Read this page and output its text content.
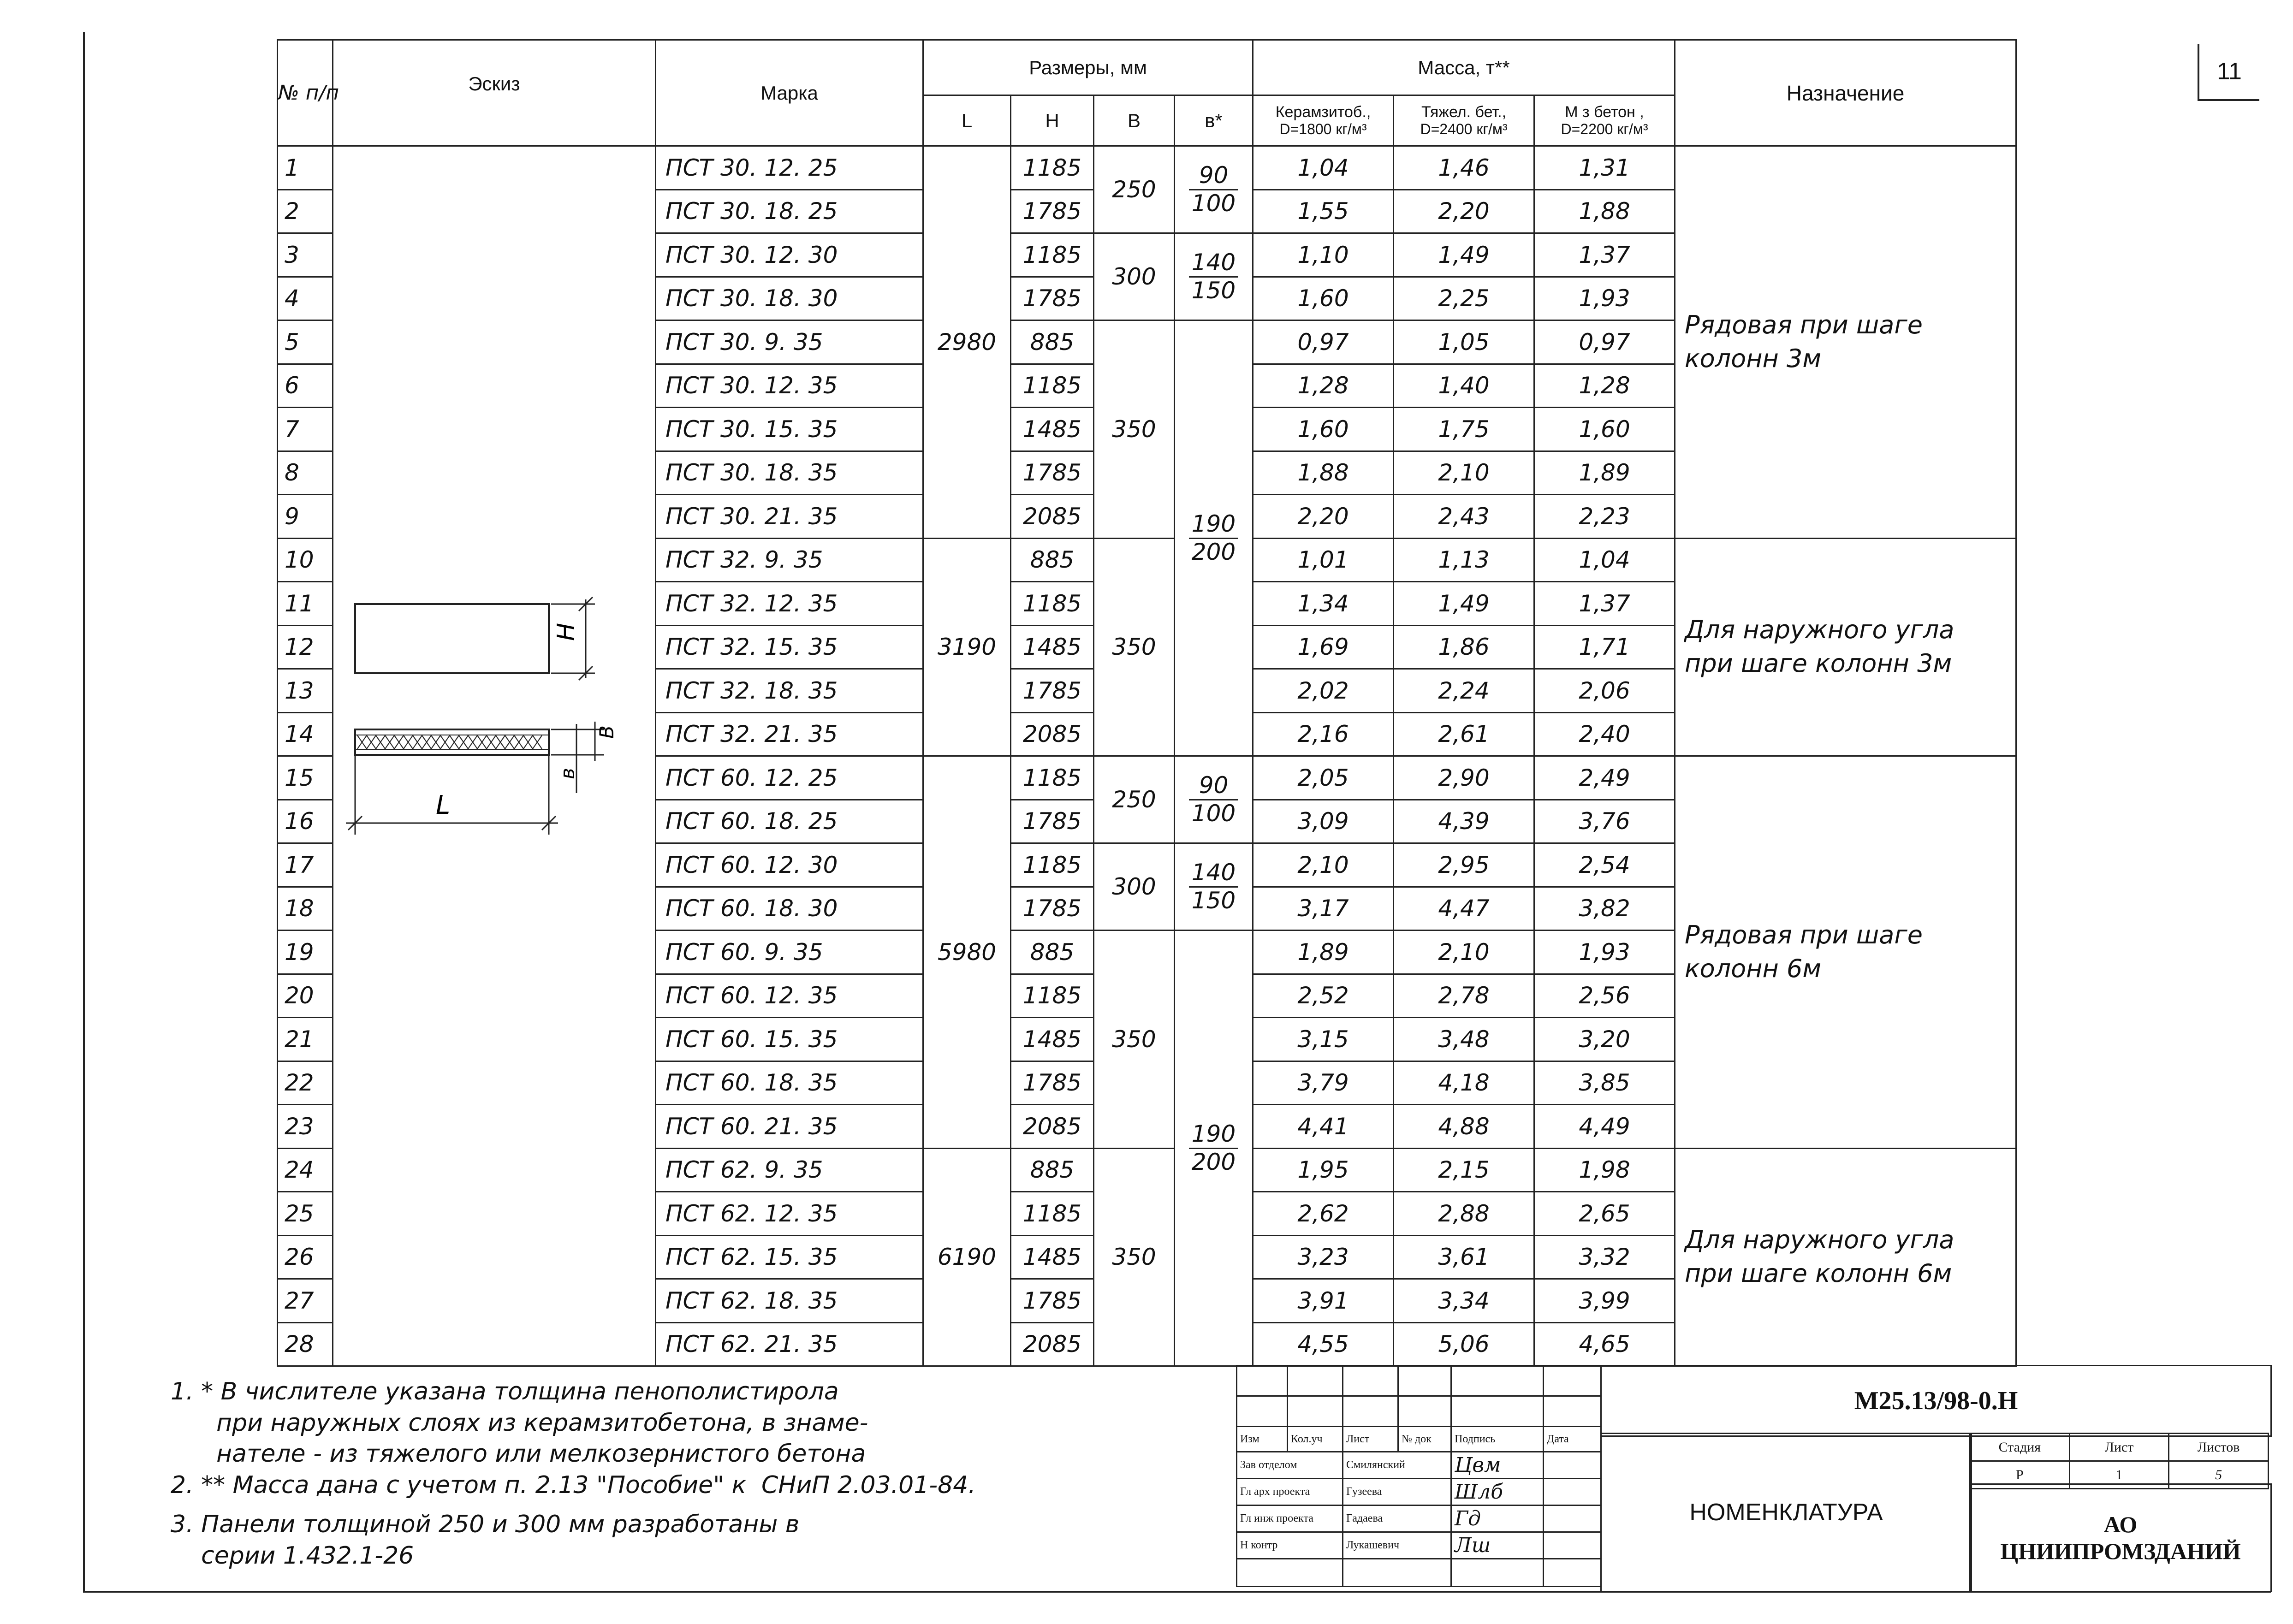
11
№ п/п	Эскиз	Марка	Размеры, мм				Масса, т**			Назначение
			L	H	B	в*	Керамзитоб.,
D=1800 кг/м³	Тяжел. бет.,
D=2400 кг/м³	М з бетон ,
D=2200 кг/м³	

1		ПСТ 30. 12. 25	2980	1185	250	$\frac{90}{100}$	1,04	1,46	1,31	Рядовая при шаге колонн 3м
2		ПСТ 30. 18. 25		1785			1,55	2,20	1,88	
3		ПСТ 30. 12. 30		1185	300	$\frac{140}{150}$	1,10	1,49	1,37	
4		ПСТ 30. 18. 30		1785			1,60	2,25	1,93	
5		ПСТ 30. 9. 35		885	350	$\frac{190}{200}$	0,97	1,05	0,97	
6		ПСТ 30. 12. 35		1185			1,28	1,40	1,28	
7		ПСТ 30. 15. 35		1485			1,60	1,75	1,60	
8		ПСТ 30. 18. 35		1785			1,88	2,10	1,89	
9		ПСТ 30. 21. 35		2085			2,20	2,43	2,23	
10		ПСТ 32. 9. 35	3190	885	350		1,01	1,13	1,04	Для наружного угла при шаге колонн 3м
11		ПСТ 32. 12. 35		1185			1,34	1,49	1,37	
12		ПСТ 32. 15. 35		1485			1,69	1,86	1,71	
13		ПСТ 32. 18. 35		1785			2,02	2,24	2,06	
14		ПСТ 32. 21. 35		2085			2,16	2,61	2,40	
15		ПСТ 60. 12. 25	5980	1185	250	$\frac{90}{100}$	2,05	2,90	2,49	Рядовая при шаге колонн 6м
16		ПСТ 60. 18. 25		1785			3,09	4,39	3,76	
17		ПСТ 60. 12. 30		1185	300	$\frac{140}{150}$	2,10	2,95	2,54	
18		ПСТ 60. 18. 30		1785			3,17	4,47	3,82	
19		ПСТ 60. 9. 35		885	350	$\frac{190}{200}$	1,89	2,10	1,93	
20		ПСТ 60. 12. 35		1185			2,52	2,78	2,56	
21		ПСТ 60. 15. 35		1485			3,15	3,48	3,20	
22		ПСТ 60. 18. 35		1785			3,79	4,18	3,85	
23		ПСТ 60. 21. 35		2085			4,41	4,88	4,49	
24		ПСТ 62. 9. 35	6190	885	350		1,95	2,15	1,98	Для наружного угла при шаге колонн 6м
25		ПСТ 62. 12. 35		1185			2,62	2,88	2,65	
26		ПСТ 62. 15. 35		1485			3,23	3,61	3,32	
27		ПСТ 62. 18. 35		1785			3,91	3,34	3,99	
28		ПСТ 62. 21. 35		2085			4,55	5,06	4,65	
H
B
в
L
1. * В числителе указана толщина пенополистирола
при наружных слоях из керамзитобетона, в знаме-
нателе - из тяжелого или мелкозернистого бетона
2. ** Масса дана с учетом п. 2.13 "Пособие" к  СНиП 2.03.01-84.
3. Панели толщиной 250 и 300 мм разработаны в
серии 1.432.1-26

Изм	Кол.уч	Лист	№ док	Подпись	Дата
Зав отделом		Смилянский		Цвм	
Гл арх проекта		Гузеева		Шлб	
Гл инж проекта		Гадаева		Гд	
Н контр		Лукашевич		Лш	

М25.13/98-0.Н
НОМЕНКЛАТУРА
Стадия	Лист	Листов
Р	1	5
АО
ЦНИИПРОМЗДАНИЙ
